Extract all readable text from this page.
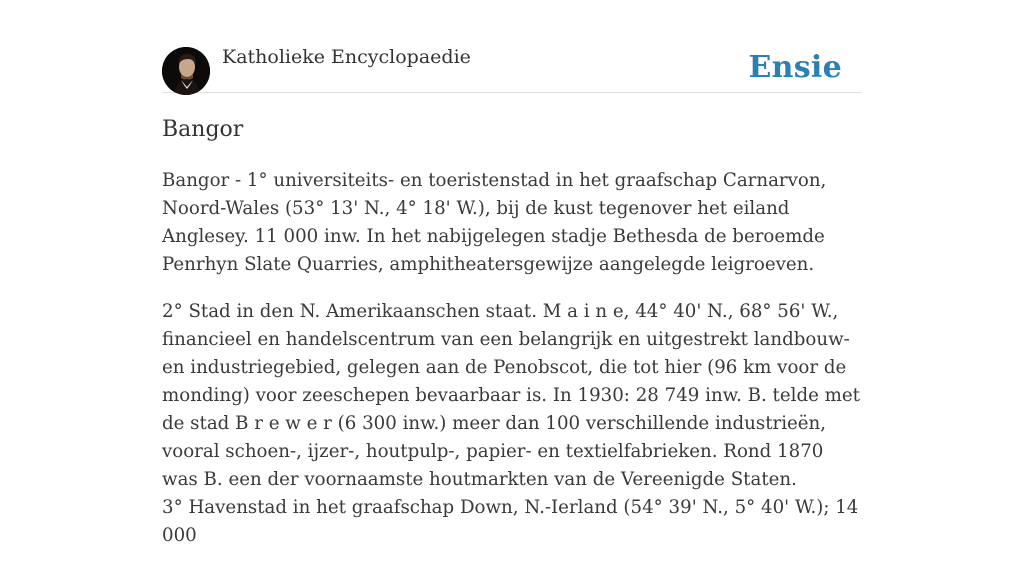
Katholieke Encyclopaedie	Ensie
Bangor

Bangor - 1° universiteits- en toeristenstad in het graafschap Carnarvon, Noord-Wales (53° 13' N., 4° 18' W.), bij de kust tegenover het eiland Anglesey. 11 000 inw. In het nabijgelegen stadje Bethesda de beroemde Penrhyn Slate Quarries, amphitheatersgewijze aangelegde leigroeven.

2° Stad in den N. Amerikaanschen staat. M a i n e, 44° 40' N., 68° 56' W., financieel en handelscentrum van een belangrijk en uitgestrekt landbouw- en industriegebied, gelegen aan de Penobscot, die tot hier (96 km voor de monding) voor zeeschepen bevaarbaar is. In 1930: 28 749 inw. B. telde met de stad B r e w e r (6 300 inw.) meer dan 100 verschillende industrieën, vooral schoen-, ijzer-, houtpulp-, papier- en textielfabrieken. Rond 1870 was B. een der voornaamste houtmarkten van de Vereenigde Staten.

3° Havenstad in het graafschap Down, N.-Ierland (54° 39' N., 5° 40' W.); 14 000
